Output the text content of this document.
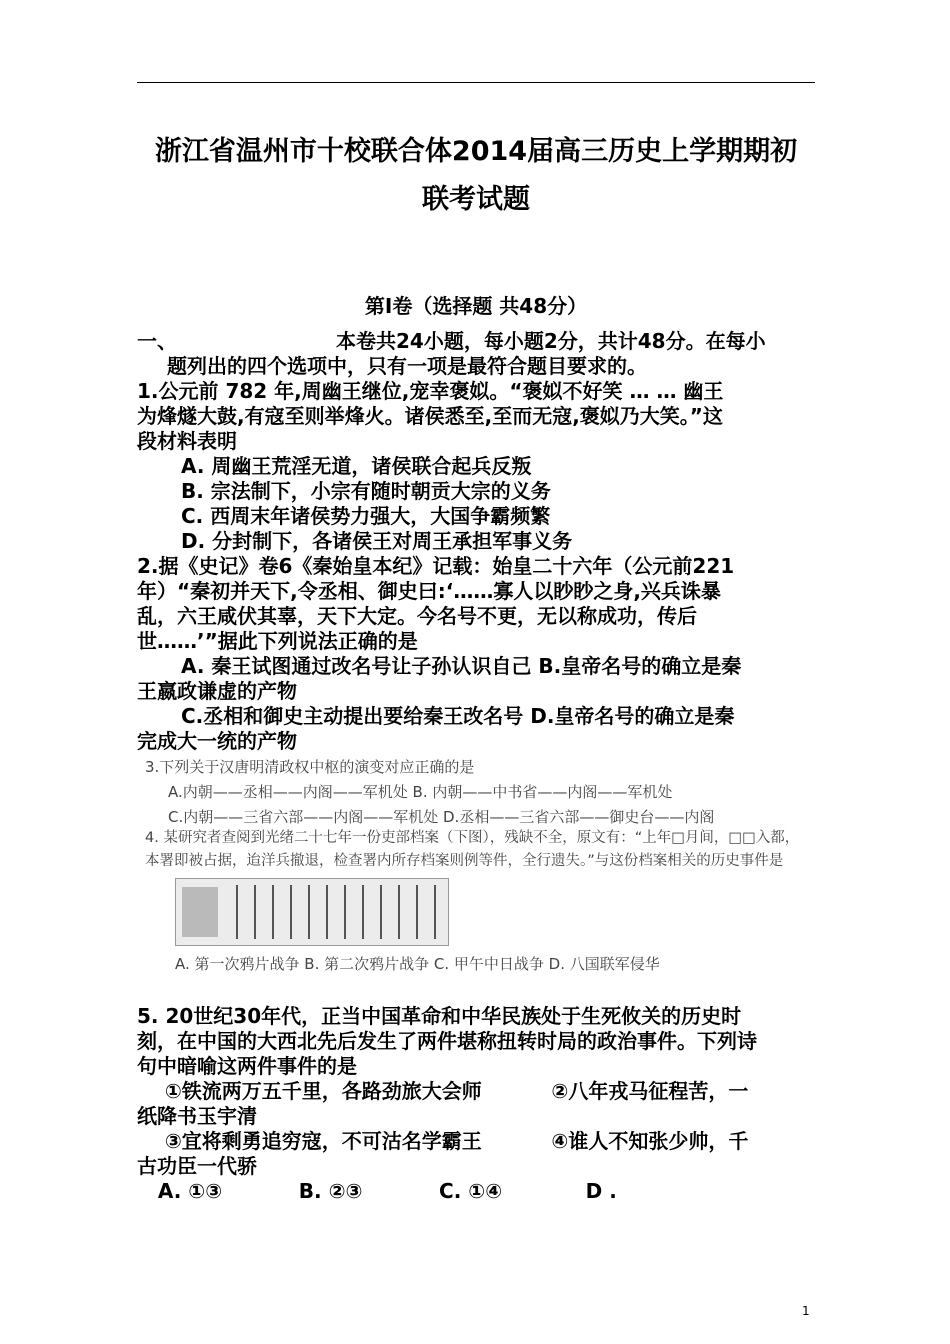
浙江省温州市十校联合体2014届高三历史上学期期初
联考试题
第Ⅰ卷（选择题 共48分）
一、	本卷共24小题，每小题2分，共计48分。在每小
题列出的四个选项中，只有一项是最符合题目要求的。
1.公元前 782 年,周幽王继位,宠幸褒姒。“褒姒不好笑 … … 幽王
为烽燧大鼓,有寇至则举烽火。诸侯悉至,至而无寇,褒姒乃大笑。”这
段材料表明
A. 周幽王荒淫无道，诸侯联合起兵反叛
B. 宗法制下，小宗有随时朝贡大宗的义务
C. 西周末年诸侯势力强大，大国争霸频繁
D. 分封制下，各诸侯王对周王承担军事义务
2.据《史记》卷6《秦始皇本纪》记载：始皇二十六年（公元前221
年）“秦初并天下,令丞相、御史曰:‘……寡人以眇眇之身,兴兵诛暴
乱，六王咸伏其辜，天下大定。今名号不更，无以称成功，传后
世……’”据此下列说法正确的是
A. 秦王试图通过改名号让子孙认识自己 B.皇帝名号的确立是秦
王嬴政谦虚的产物
C.丞相和御史主动提出要给秦王改名号 D.皇帝名号的确立是秦
完成大一统的产物
3.下列关于汉唐明清政权中枢的演变对应正确的是
A.内朝——丞相——内阁——军机处 B. 内朝——中书省——内阁——军机处
C.内朝——三省六部——内阁——军机处 D.丞相——三省六部——御史台——内阁
4. 某研究者查阅到光绪二十七年一份吏部档案（下图），残缺不全，原文有：“上年□月间，□□入都，
本署即被占据，迨洋兵撤退，检查署内所存档案则例等件，全行遗失。”与这份档案相关的历史事件是
A. 第一次鸦片战争 B. 第二次鸦片战争 C. 甲午中日战争 D. 八国联军侵华
5. 20世纪30年代，正当中国革命和中华民族处于生死攸关的历史时
刻，在中国的大西北先后发生了两件堪称扭转时局的政治事件。下列诗
句中暗喻这两件事件的是
①铁流两万五千里，各路劲旅大会师          ②八年戎马征程苦，一
纸降书玉宇清
③宜将剩勇追穷寇，不可沽名学霸王          ④谁人不知张少帅，千
古功臣一代骄
A. ①③           B. ②③           C. ①④            D .
1
